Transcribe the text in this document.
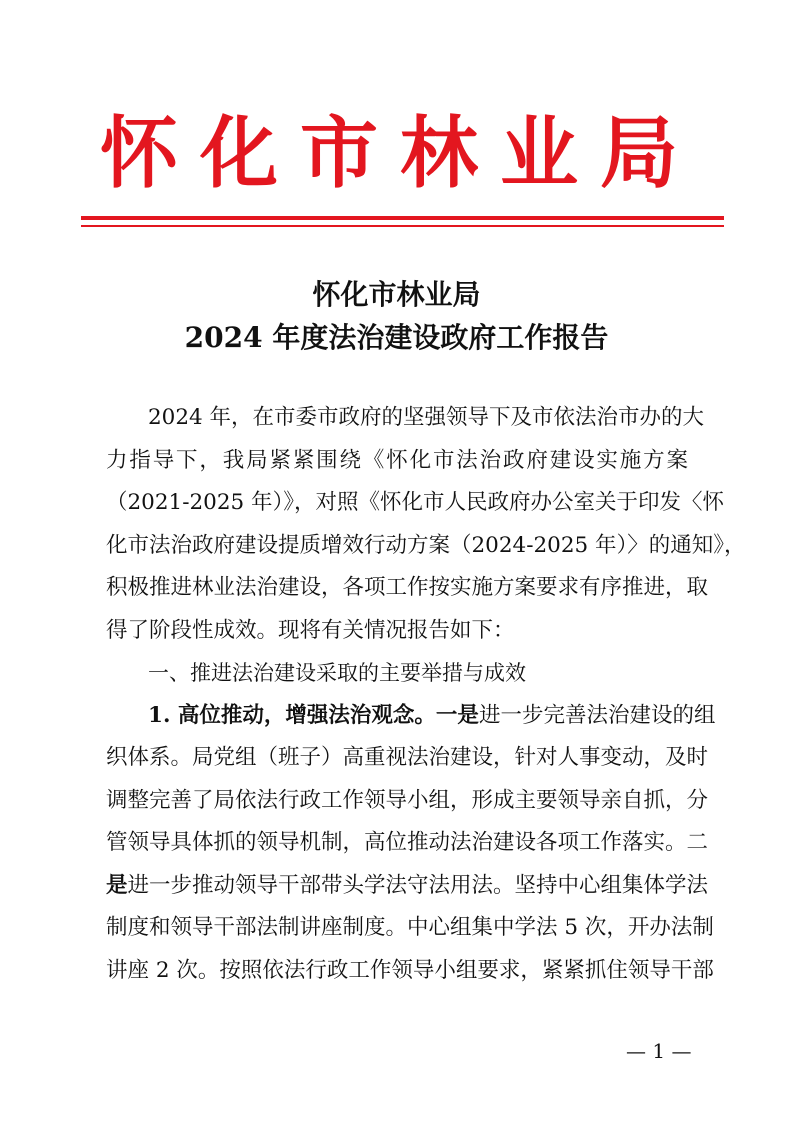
怀化市林业局
怀化市林业局
2024 年度法治建设政府工作报告
2024 年，在市委市政府的坚强领导下及市依法治市办的大
力指导下，我局紧紧围绕《怀化市法治政府建设实施方案
（2021-2025 年）》，对照《怀化市人民政府办公室关于印发〈怀
化市法治政府建设提质增效行动方案（2024-2025 年）〉的通知》，
积极推进林业法治建设，各项工作按实施方案要求有序推进，取
得了阶段性成效。现将有关情况报告如下：
一、推进法治建设采取的主要举措与成效
1. 高位推动，增强法治观念。一是进一步完善法治建设的组
织体系。局党组（班子）高重视法治建设，针对人事变动，及时
调整完善了局依法行政工作领导小组，形成主要领导亲自抓，分
管领导具体抓的领导机制，高位推动法治建设各项工作落实。二
是进一步推动领导干部带头学法守法用法。坚持中心组集体学法
制度和领导干部法制讲座制度。中心组集中学法 5 次，开办法制
讲座 2 次。按照依法行政工作领导小组要求，紧紧抓住领导干部
— 1 —
